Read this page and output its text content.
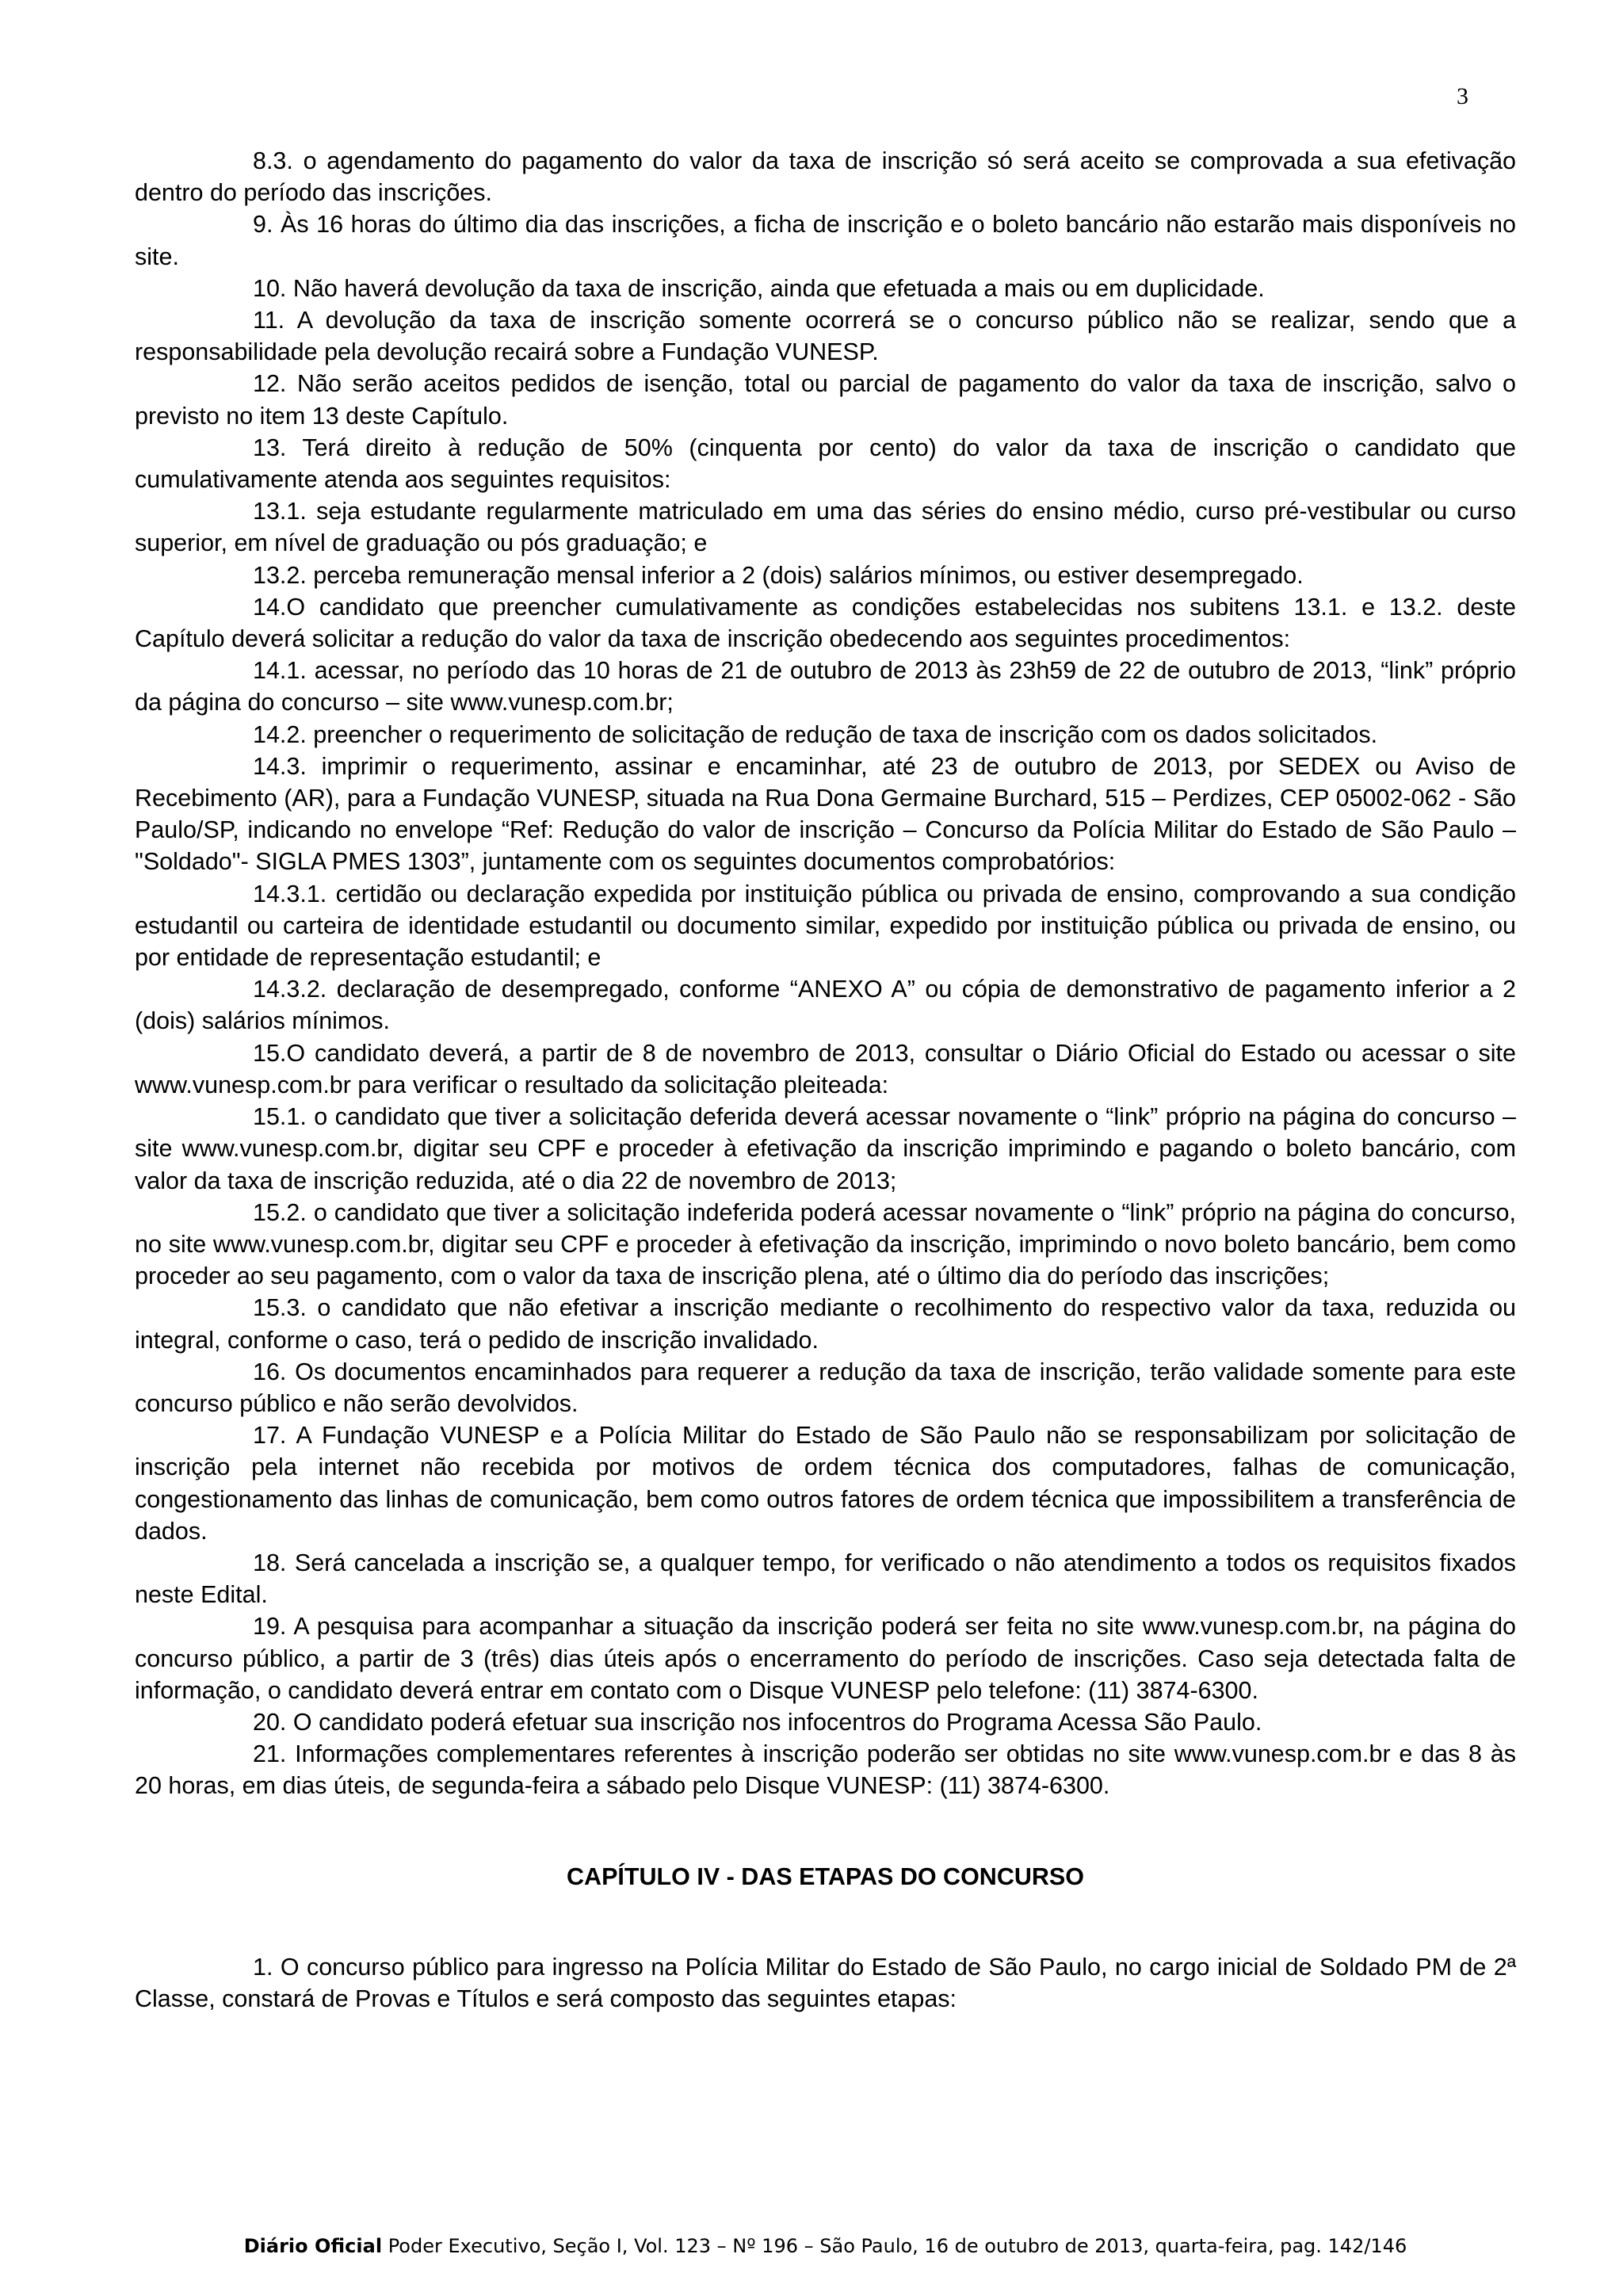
3

8.3. o agendamento do pagamento do valor da taxa de inscrição só será aceito se comprovada a sua efetivação dentro do período das inscrições.

9. Às 16 horas do último dia das inscrições, a ficha de inscrição e o boleto bancário não estarão mais disponíveis no site.

10. Não haverá devolução da taxa de inscrição, ainda que efetuada a mais ou em duplicidade.

11. A devolução da taxa de inscrição somente ocorrerá se o concurso público não se realizar, sendo que a responsabilidade pela devolução recairá sobre a Fundação VUNESP.

12. Não serão aceitos pedidos de isenção, total ou parcial de pagamento do valor da taxa de inscrição, salvo o previsto no item 13 deste Capítulo.

13. Terá direito à redução de 50% (cinquenta por cento) do valor da taxa de inscrição o candidato que cumulativamente atenda aos seguintes requisitos:

13.1. seja estudante regularmente matriculado em uma das séries do ensino médio, curso pré-vestibular ou curso superior, em nível de graduação ou pós graduação; e

13.2. perceba remuneração mensal inferior a 2 (dois) salários mínimos, ou estiver desempregado.

14.O candidato que preencher cumulativamente as condições estabelecidas nos subitens 13.1. e 13.2. deste Capítulo deverá solicitar a redução do valor da taxa de inscrição obedecendo aos seguintes procedimentos:

14.1. acessar, no período das 10 horas de 21 de outubro de 2013 às 23h59 de 22 de outubro de 2013, “link” próprio da página do concurso – site www.vunesp.com.br;

14.2. preencher o requerimento de solicitação de redução de taxa de inscrição com os dados solicitados.

14.3. imprimir o requerimento, assinar e encaminhar, até 23 de outubro de 2013, por SEDEX ou Aviso de Recebimento (AR), para a Fundação VUNESP, situada na Rua Dona Germaine Burchard, 515 – Perdizes, CEP 05002-062 - São Paulo/SP, indicando no envelope “Ref: Redução do valor de inscrição – Concurso da Polícia Militar do Estado de São Paulo – "Soldado"- SIGLA PMES 1303”, juntamente com os seguintes documentos comprobatórios:

14.3.1. certidão ou declaração expedida por instituição pública ou privada de ensino, comprovando a sua condição estudantil ou carteira de identidade estudantil ou documento similar, expedido por instituição pública ou privada de ensino, ou por entidade de representação estudantil; e

14.3.2. declaração de desempregado, conforme “ANEXO A” ou cópia de demonstrativo de pagamento inferior a 2 (dois) salários mínimos.

15.O candidato deverá, a partir de 8 de novembro de 2013, consultar o Diário Oficial do Estado ou acessar o site www.vunesp.com.br para verificar o resultado da solicitação pleiteada:

15.1. o candidato que tiver a solicitação deferida deverá acessar novamente o “link” próprio na página do concurso – site www.vunesp.com.br, digitar seu CPF e proceder à efetivação da inscrição imprimindo e pagando o boleto bancário, com valor da taxa de inscrição reduzida, até o dia 22 de novembro de 2013;

15.2. o candidato que tiver a solicitação indeferida poderá acessar novamente o “link” próprio na página do concurso, no site www.vunesp.com.br, digitar seu CPF e proceder à efetivação da inscrição, imprimindo o novo boleto bancário, bem como proceder ao seu pagamento, com o valor da taxa de inscrição plena, até o último dia do período das inscrições;

15.3. o candidato que não efetivar a inscrição mediante o recolhimento do respectivo valor da taxa, reduzida ou integral, conforme o caso, terá o pedido de inscrição invalidado.

16. Os documentos encaminhados para requerer a redução da taxa de inscrição, terão validade somente para este concurso público e não serão devolvidos.

17. A Fundação VUNESP e a Polícia Militar do Estado de São Paulo não se responsabilizam por solicitação de inscrição pela internet não recebida por motivos de ordem técnica dos computadores, falhas de comunicação, congestionamento das linhas de comunicação, bem como outros fatores de ordem técnica que impossibilitem a transferência de dados.

18. Será cancelada a inscrição se, a qualquer tempo, for verificado o não atendimento a todos os requisitos fixados neste Edital.

19. A pesquisa para acompanhar a situação da inscrição poderá ser feita no site www.vunesp.com.br, na página do concurso público, a partir de 3 (três) dias úteis após o encerramento do período de inscrições. Caso seja detectada falta de informação, o candidato deverá entrar em contato com o Disque VUNESP pelo telefone: (11) 3874-6300.

20. O candidato poderá efetuar sua inscrição nos infocentros do Programa Acessa São Paulo.

21. Informações complementares referentes à inscrição poderão ser obtidas no site www.vunesp.com.br e das 8 às 20 horas, em dias úteis, de segunda-feira a sábado pelo Disque VUNESP: (11) 3874-6300.

CAPÍTULO IV - DAS ETAPAS DO CONCURSO

1. O concurso público para ingresso na Polícia Militar do Estado de São Paulo, no cargo inicial de Soldado PM de 2ª Classe, constará de Provas e Títulos e será composto das seguintes etapas:

Diário Oficial Poder Executivo, Seção I, Vol. 123 – Nº 196 – São Paulo, 16 de outubro de 2013, quarta-feira, pag. 142/146
